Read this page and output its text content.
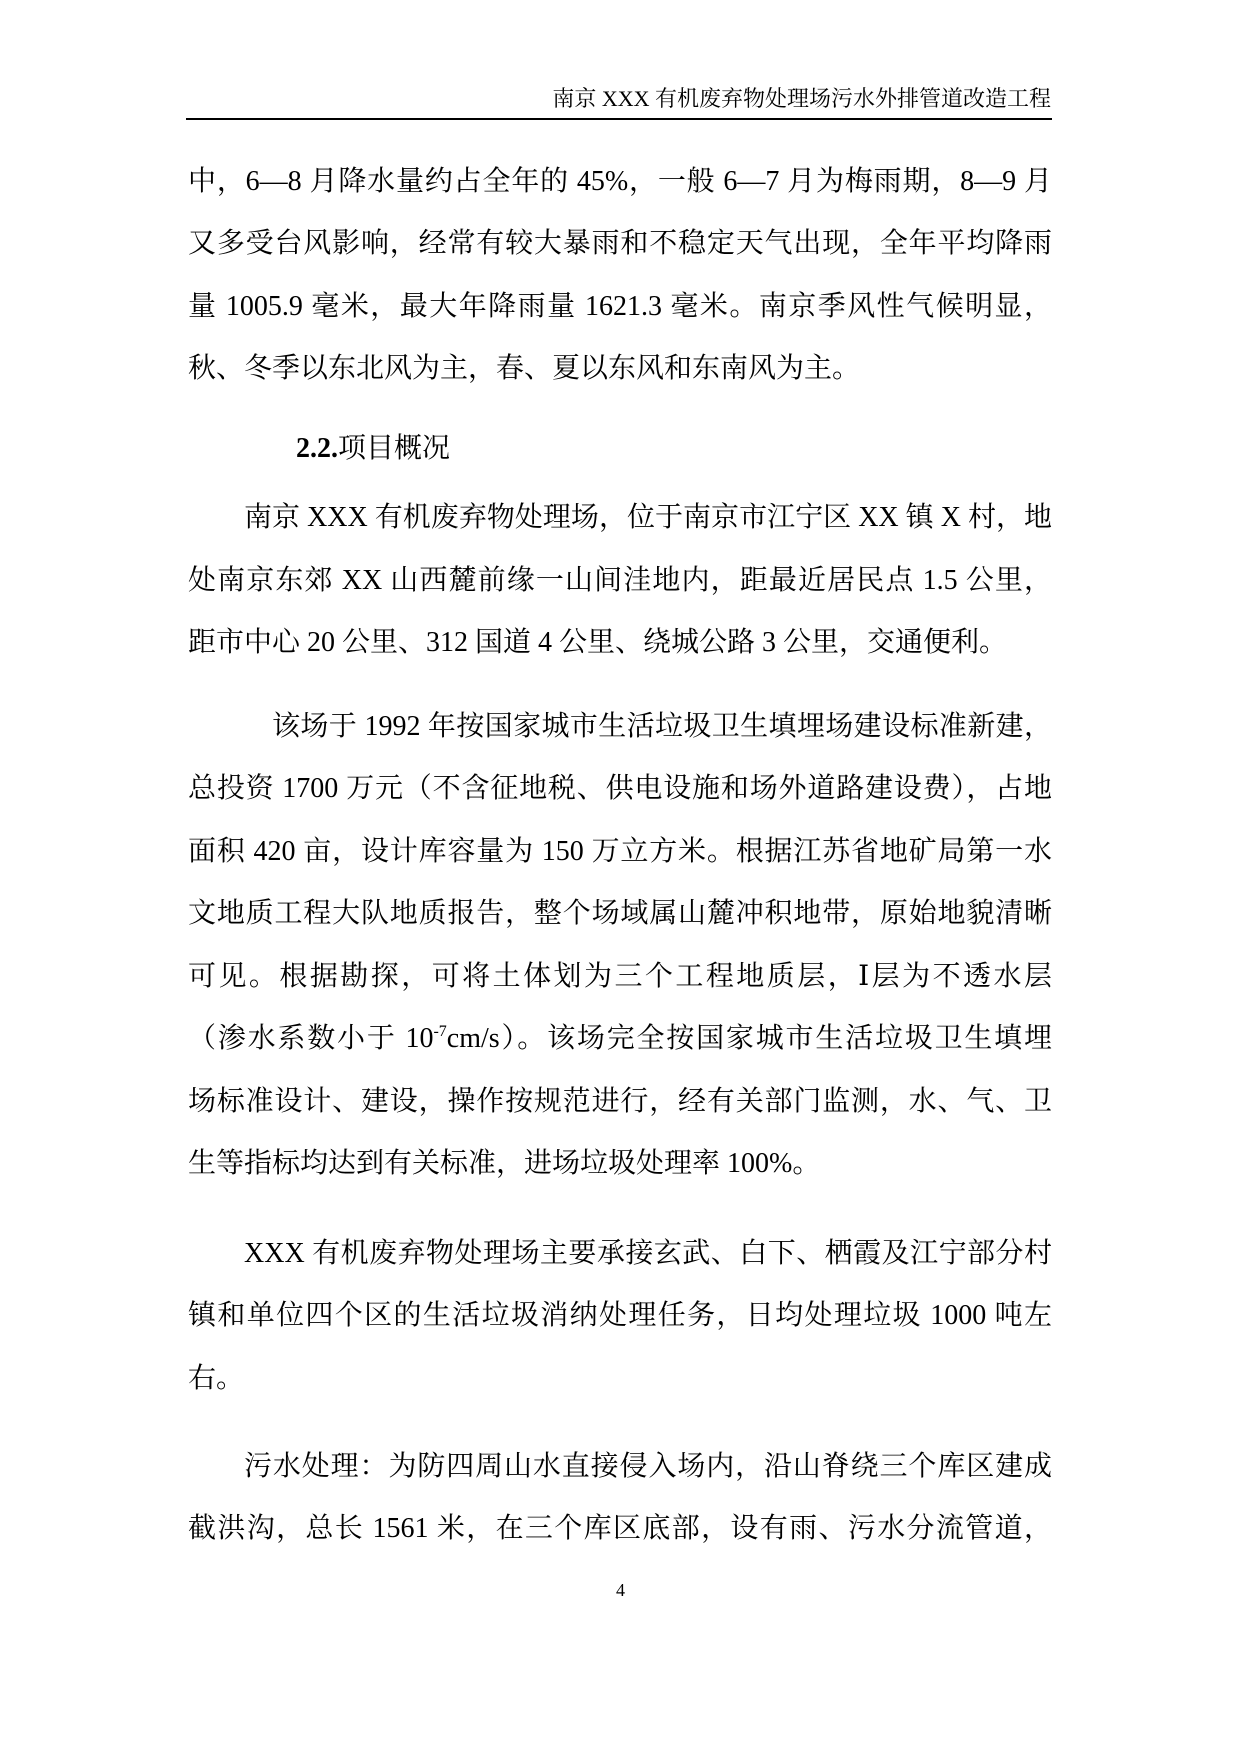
南京 XXX 有机废弃物处理场污水外排管道改造工程
中，6—8 月降水量约占全年的 45%，一般 6—7 月为梅雨期，8—9 月
又多受台风影响，经常有较大暴雨和不稳定天气出现，全年平均降雨
量 1005.9 毫米，最大年降雨量 1621.3 毫米。南京季风性气候明显，
秋、冬季以东北风为主，春、夏以东风和东南风为主。
2.2.项目概况
南京 XXX 有机废弃物处理场，位于南京市江宁区 XX 镇 X 村，地
处南京东郊 XX 山西麓前缘一山间洼地内，距最近居民点 1.5 公里，
距市中心 20 公里、312 国道 4 公里、绕城公路 3 公里，交通便利。
该场于 1992 年按国家城市生活垃圾卫生填埋场建设标准新建，
总投资 1700 万元（不含征地税、供电设施和场外道路建设费），占地
面积 420 亩，设计库容量为 150 万立方米。根据江苏省地矿局第一水
文地质工程大队地质报告，整个场域属山麓冲积地带，原始地貌清晰
可见。根据勘探，可将土体划为三个工程地质层，Ⅰ层为不透水层
（渗水系数小于 $10^{-7}cm/s$）。该场完全按国家城市生活垃圾卫生填埋
场标准设计、建设，操作按规范进行，经有关部门监测，水、气、卫
生等指标均达到有关标准，进场垃圾处理率 100%。
XXX 有机废弃物处理场主要承接玄武、白下、栖霞及江宁部分村
镇和单位四个区的生活垃圾消纳处理任务，日均处理垃圾 1000 吨左
右。
污水处理：为防四周山水直接侵入场内，沿山脊绕三个库区建成
截洪沟，总长 1561 米，在三个库区底部，设有雨、污水分流管道，
4
